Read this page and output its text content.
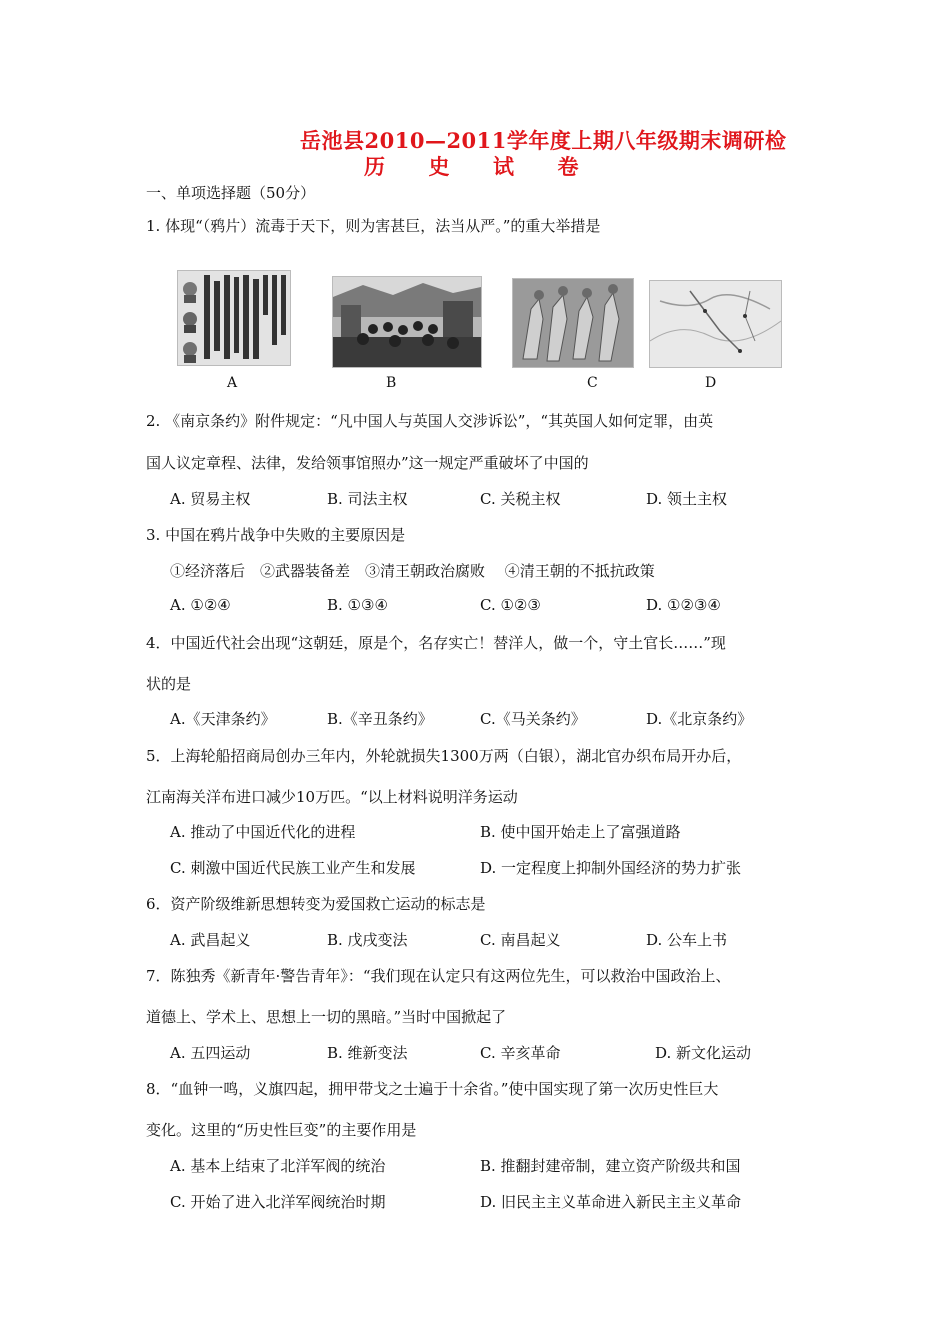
岳池县2010—2011学年度上期八年级期末调研检
历　　史　　试　　卷
一、单项选择题（50分）
1. 体现“（鸦片）流毒于天下，则为害甚巨，法当从严。”的重大举措是
A	B	C	D
2. 《南京条约》附件规定：“凡中国人与英国人交涉诉讼”，“其英国人如何定罪，由英
国人议定章程、法律，发给领事馆照办”这一规定严重破坏了中国的
A. 贸易主权	B. 司法主权	C. 关税主权	D. 领土主权
3. 中国在鸦片战争中失败的主要原因是
①经济落后　②武器装备差　③清王朝政治腐败　 ④清王朝的不抵抗政策
A. ①②④	B. ①③④	C. ①②③	D. ①②③④
4．中国近代社会出现“这朝廷，原是个，名存实亡！替洋人，做一个，守土官长……”现
状的是
A.《天津条约》	B.《辛丑条约》	C.《马关条约》	D.《北京条约》
5．上海轮船招商局创办三年内，外轮就损失1300万两（白银），湖北官办织布局开办后，
江南海关洋布进口减少10万匹。“以上材料说明洋务运动
A. 推动了中国近代化的进程	B. 使中国开始走上了富强道路
C. 刺激中国近代民族工业产生和发展	D. 一定程度上抑制外国经济的势力扩张
6．资产阶级维新思想转变为爱国救亡运动的标志是
A. 武昌起义	B. 戊戌变法	C. 南昌起义	D. 公车上书
7．陈独秀《新青年·警告青年》：“我们现在认定只有这两位先生，可以救治中国政治上、
道德上、学术上、思想上一切的黑暗。”当时中国掀起了
A. 五四运动	B. 维新变法	C. 辛亥革命	D. 新文化运动
8．“血钟一鸣，义旗四起，拥甲带戈之士遍于十余省。”使中国实现了第一次历史性巨大
变化。这里的“历史性巨变”的主要作用是
A. 基本上结束了北洋军阀的统治	B. 推翻封建帝制，建立资产阶级共和国
C. 开始了进入北洋军阀统治时期	D. 旧民主主义革命进入新民主主义革命
